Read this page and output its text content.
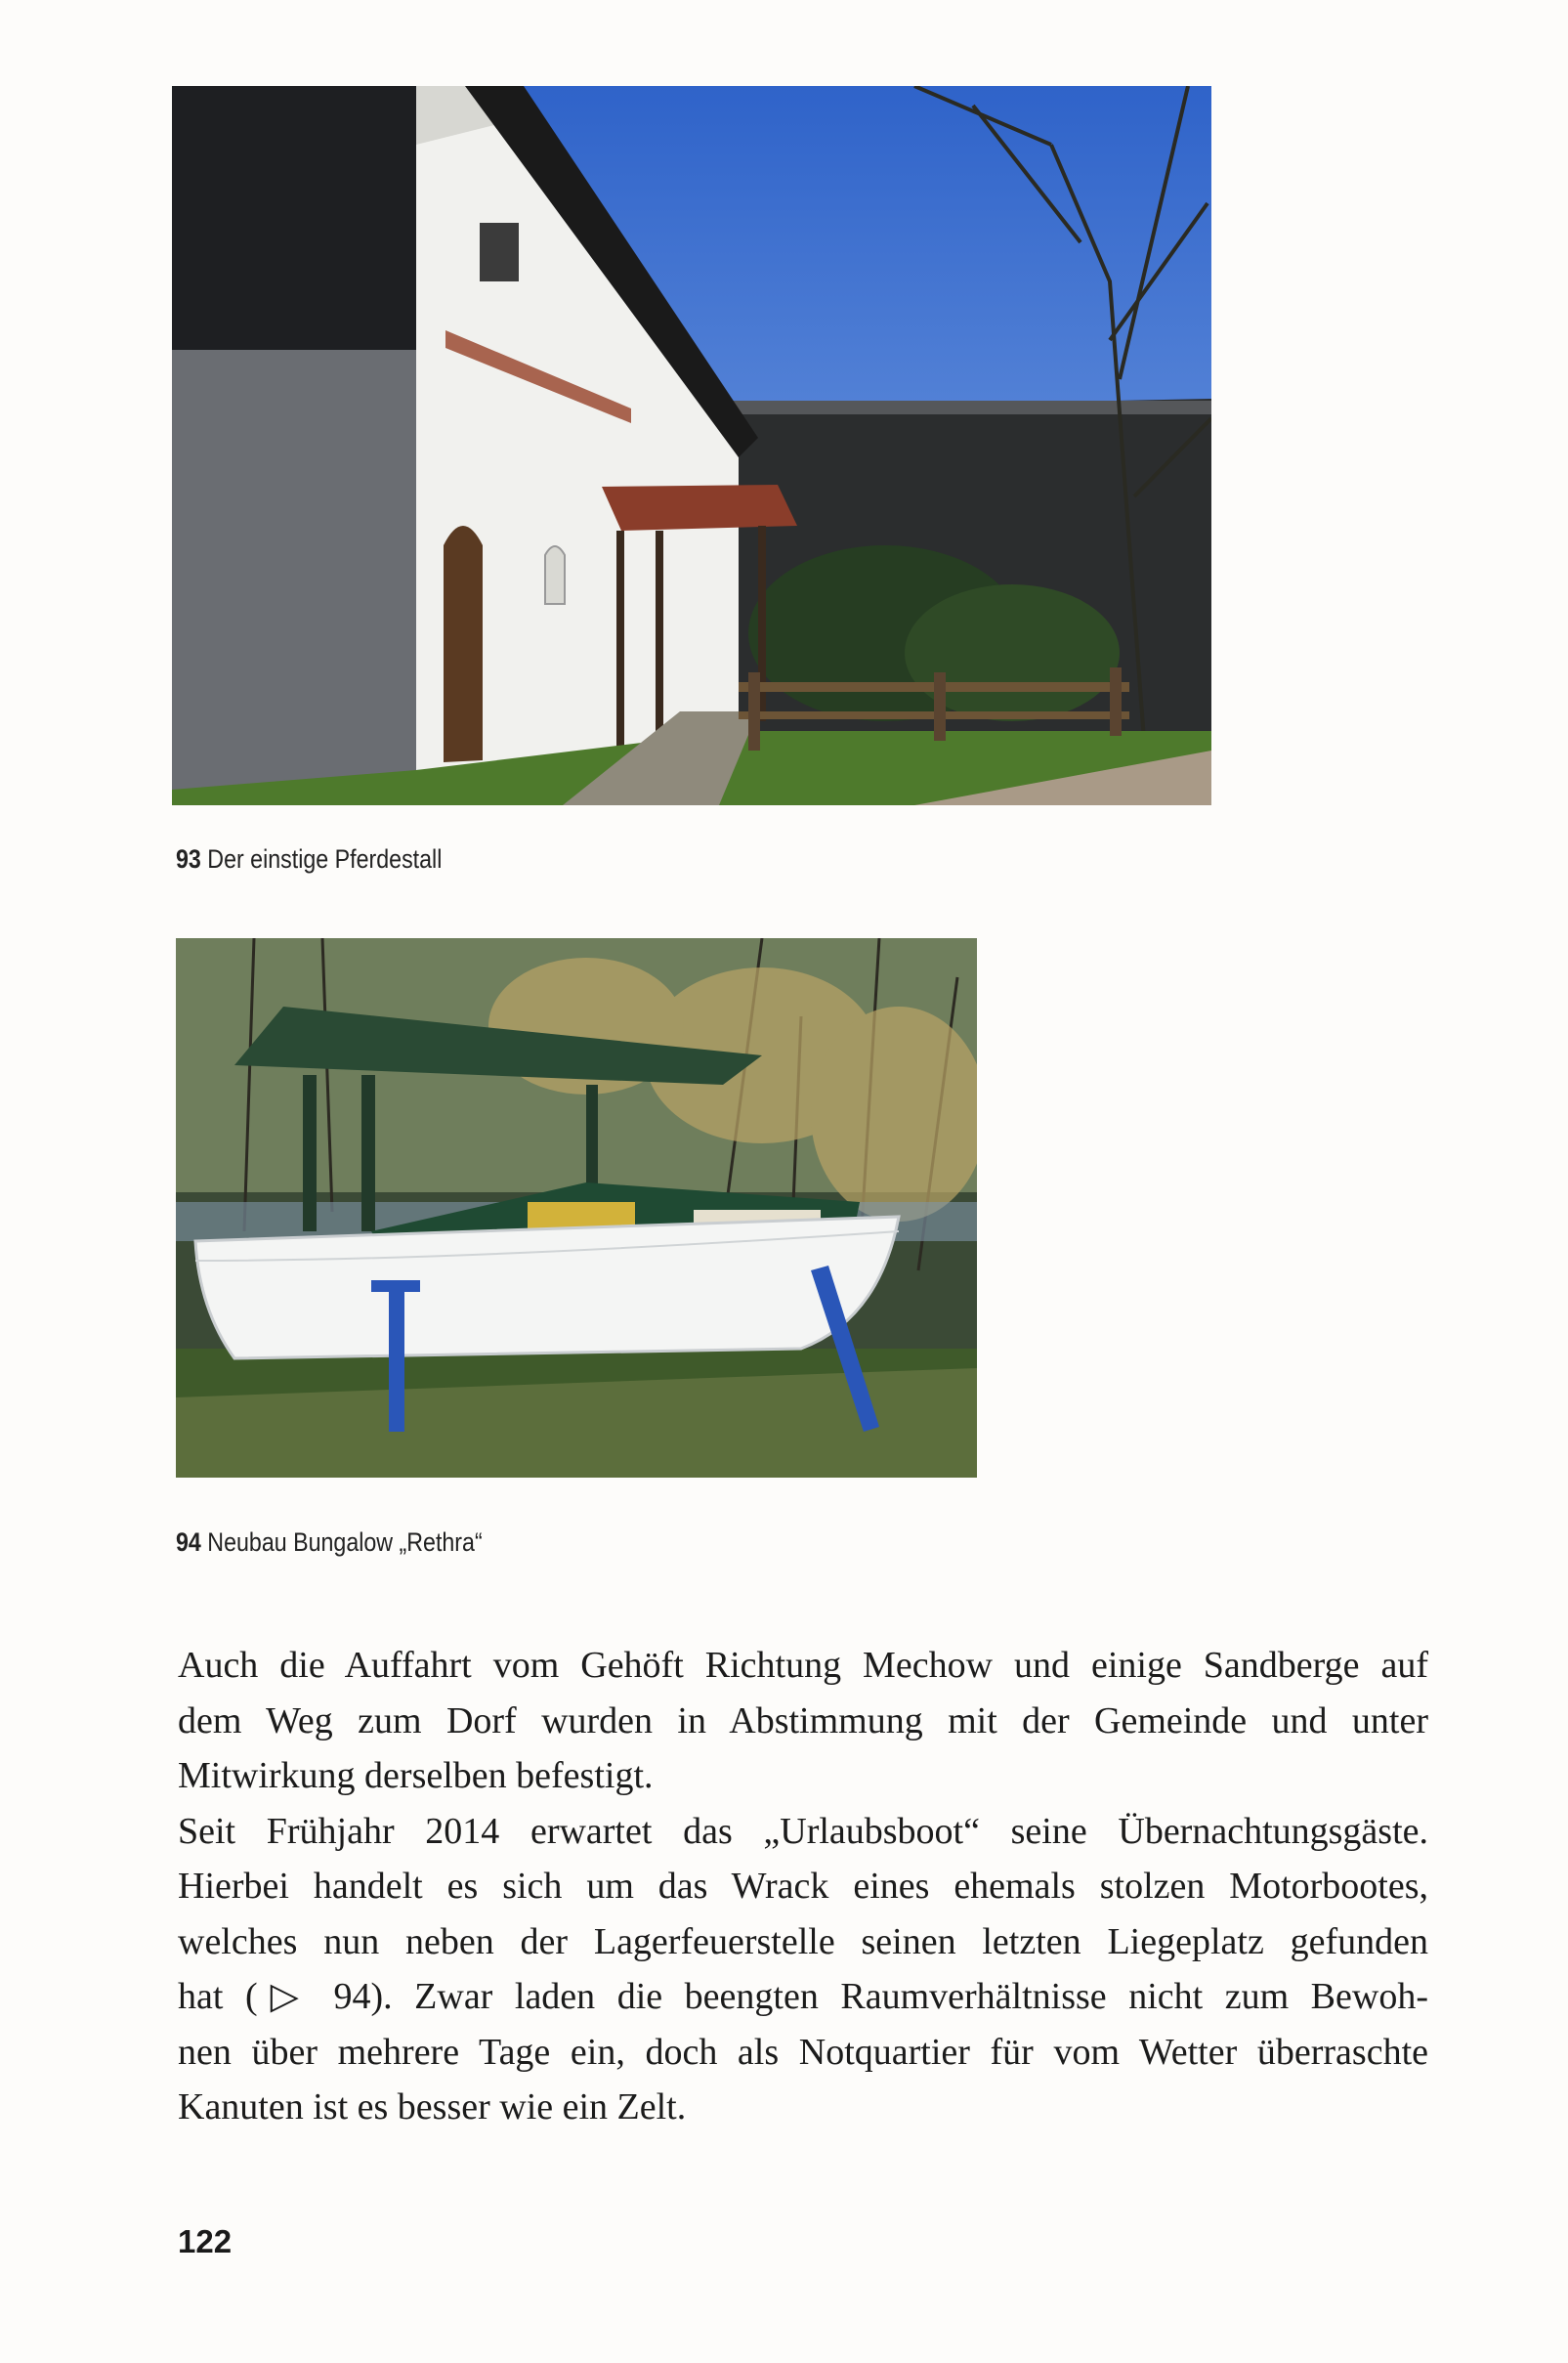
93 Der einstige Pferdestall
94 Neubau Bungalow „Rethra“
Auch die Auffahrt vom Gehöft Richtung Mechow und einige Sandberge auf
dem Weg zum Dorf wurden in Abstimmung mit der Gemeinde und unter
Mitwirkung derselben befestigt.
Seit Frühjahr 2014 erwartet das „Urlaubsboot“ seine Übernachtungsgäste.
Hierbei handelt es sich um das Wrack eines ehemals stolzen Motorbootes,
welches nun neben der Lagerfeuerstelle seinen letzten Liegeplatz gefunden
hat (▷ 94). Zwar laden die beengten Raumverhältnisse nicht zum Bewoh-
nen über mehrere Tage ein, doch als Notquartier für vom Wetter überraschte
Kanuten ist es besser wie ein Zelt.
122
